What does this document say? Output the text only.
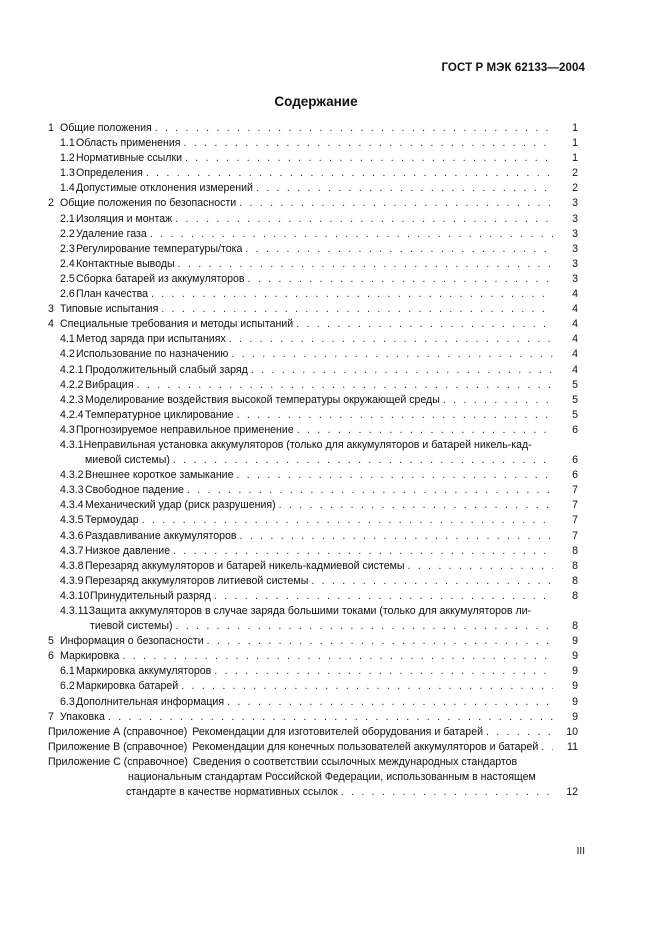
ГОСТ Р МЭК 62133—2004
Содержание
1 Общие положения . . .	1
1.1 Область применения . . .	1
1.2 Нормативные ссылки . . .	1
1.3 Определения . . .	2
1.4 Допустимые отклонения измерений . . .	2
2 Общие положения по безопасности . . .	3
2.1 Изоляция и монтаж . . .	3
2.2 Удаление газа . . .	3
2.3 Регулирование температуры/тока . . .	3
2.4 Контактные выводы . . .	3
2.5 Сборка батарей из аккумуляторов . . .	3
2.6 План качества . . .	4
3 Типовые испытания . . .	4
4 Специальные требования и методы испытаний . . .	4
4.1 Метод заряда при испытаниях . . .	4
4.2 Использование по назначению . . .	4
4.2.1 Продолжительный слабый заряд . . .	4
4.2.2 Вибрация . . .	5
4.2.3 Моделирование воздействия высокой температуры окружающей среды . . .	5
4.2.4 Температурное циклирование . . .	5
4.3 Прогнозируемое неправильное применение . . .	6
4.3.1Неправильная установка аккумуляторов (только для аккумуляторов и батарей никель-кад-
миевой системы) . . .	6
4.3.2 Внешнее короткое замыкание . . .	6
4.3.3 Свободное падение . . .	7
4.3.4 Механический удар (риск разрушения) . . .	7
4.3.5 Термоудар . . .	7
4.3.6 Раздавливание аккумуляторов . . .	7
4.3.7 Низкое давление . . .	8
4.3.8 Перезаряд аккумуляторов и батарей никель-кадмиевой системы . . .	8
4.3.9 Перезаряд аккумуляторов литиевой системы . . .	8
4.3.10 Принудительный разряд . . .	8
4.3.11Защита аккумуляторов в случае заряда большими токами (только для аккумуляторов ли-
тиевой системы) . . .	8
5 Информация о безопасности . . .	9
6 Маркировка . . .	9
6.1 Маркировка аккумуляторов . . .	9
6.2 Маркировка батарей . . .	9
6.3 Дополнительная информация . . .	9
7 Упаковка . . .	9
Приложение А (справочное) Рекомендации для изготовителей оборудования и батарей . . .	10
Приложение В (справочное) Рекомендации для конечных пользователей аккумуляторов и батарей . . .	11
Приложение С (справочное) Сведения о соответствии ссылочных международных стандартов
национальным стандартам Российской Федерации, использованным в настоящем
стандарте в качестве нормативных ссылок . . .	12
III
